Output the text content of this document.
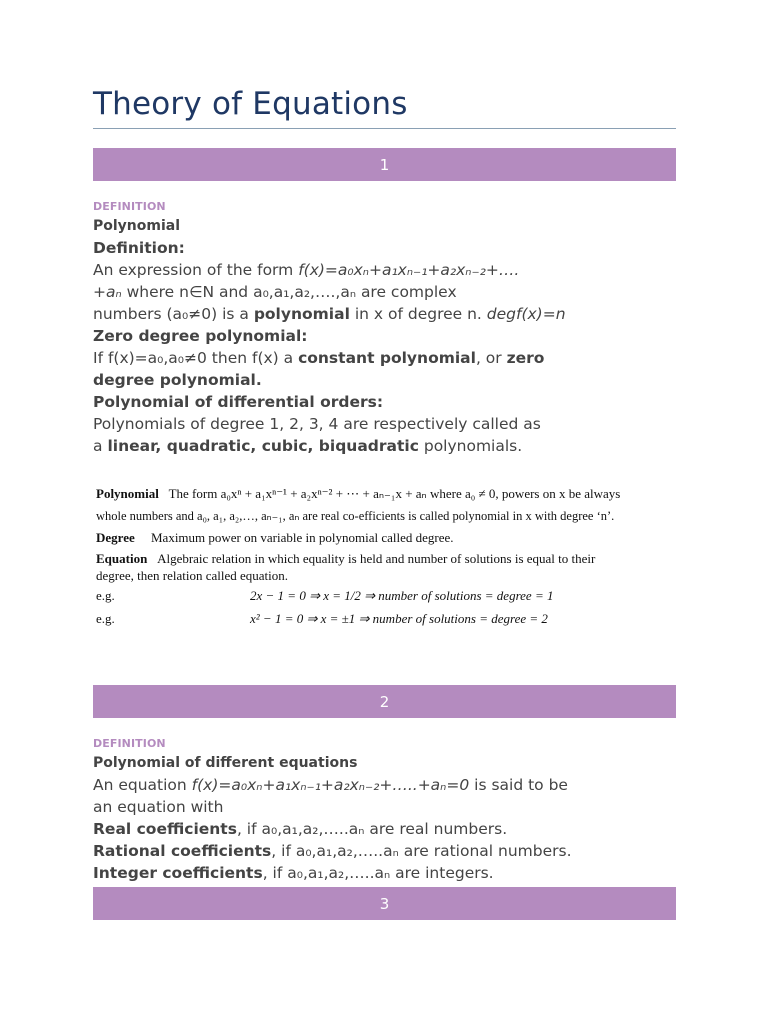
Theory of Equations
1
DEFINITION
Polynomial

Definition:

An expression of the form f(x)=a₀xₙ+a₁xₙ₋₁+a₂xₙ₋₂+….

+aₙ where n∈N and a₀,a₁,a₂,….,aₙ are complex

numbers (a₀≠0) is a polynomial in x of degree n. degf(x)=n

Zero degree polynomial:

If f(x)=a₀,a₀≠0 then f(x) a constant polynomial, or zero

degree polynomial.

Polynomial of differential orders:

Polynomials of degree 1, 2, 3, 4 are respectively called as

a linear, quadratic, cubic, biquadratic polynomials.

Polynomial The form a₀xⁿ + a₁xⁿ⁻¹ + a₂xⁿ⁻² + ⋯ + aₙ₋₁x + aₙ where a₀ ≠ 0, powers on x be always
whole numbers and a₀, a₁, a₂,…, aₙ₋₁, aₙ are real co-efficients is called polynomial in x with degree ‘n’.
Degree Maximum power on variable in polynomial called degree.
Equation Algebraic relation in which equality is held and number of solutions is equal to their
degree, then relation called equation.
e.g.	2x − 1 = 0 ⇒ x = 1/2 ⇒ number of solutions = degree = 1
e.g.	x² − 1 = 0 ⇒ x = ±1 ⇒ number of solutions = degree = 2
2
DEFINITION
Polynomial of different equations

An equation f(x)=a₀xₙ+a₁xₙ₋₁+a₂xₙ₋₂+…..+aₙ=0 is said to be

an equation with

Real coefficients, if a₀,a₁,a₂,…..aₙ are real numbers.

Rational coefficients, if a₀,a₁,a₂,…..aₙ are rational numbers.

Integer coefficients, if a₀,a₁,a₂,…..aₙ are integers.

3
